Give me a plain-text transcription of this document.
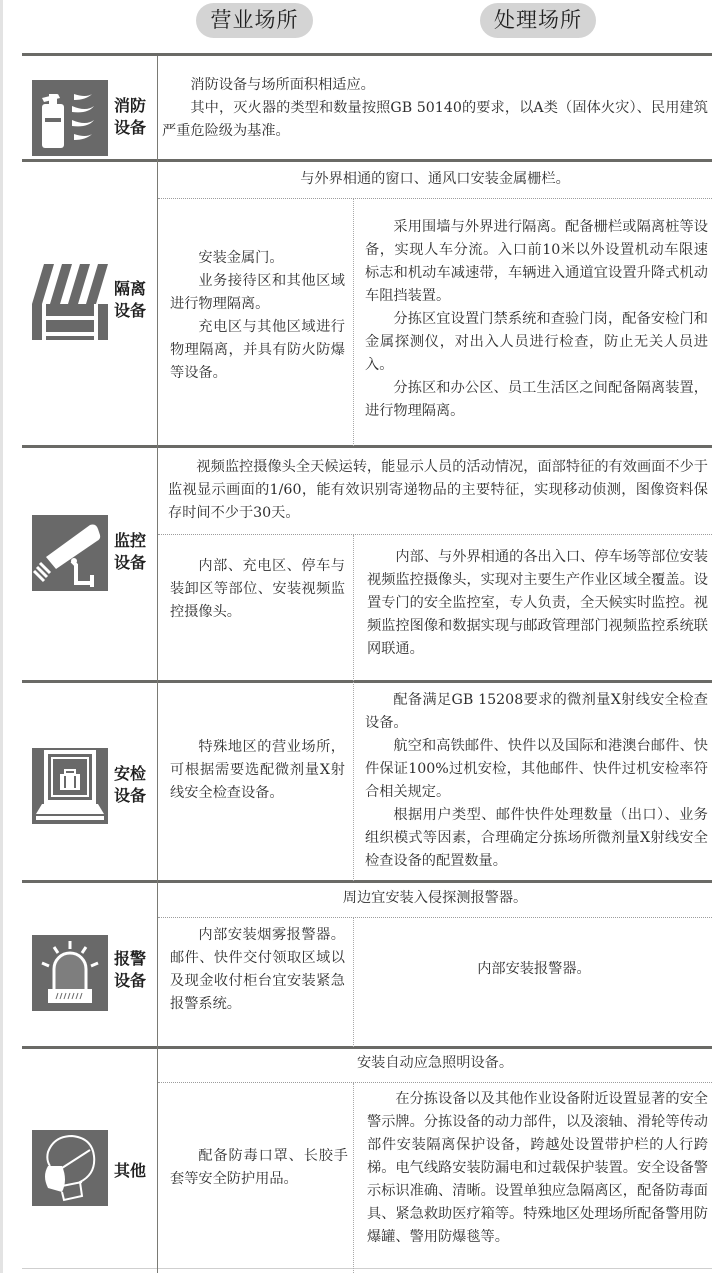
营业场所	处理场所
消防
设备

消防设备与场所面积相适应。

其中，灭火器的类型和数量按照GB 50140的要求，以A类（固体火灾）、民用建筑严重危险级为基准。

隔离
设备

与外界相通的窗口、通风口安装金属栅栏。

安装金属门。

业务接待区和其他区域进行物理隔离。

充电区与其他区域进行物理隔离，并具有防火防爆等设备。

采用围墙与外界进行隔离。配备栅栏或隔离桩等设备，实现人车分流。入口前10米以外设置机动车限速标志和机动车减速带，车辆进入通道宜设置升降式机动车阻挡装置。

分拣区宜设置门禁系统和查验门岗，配备安检门和金属探测仪，对出入人员进行检查，防止无关人员进入。

分拣区和办公区、员工生活区之间配备隔离装置，进行物理隔离。

监控
设备

视频监控摄像头全天候运转，能显示人员的活动情况，面部特征的有效画面不少于监视显示画面的1/60，能有效识别寄递物品的主要特征，实现移动侦测，图像资料保存时间不少于30天。

内部、充电区、停车与装卸区等部位、安装视频监控摄像头。

内部、与外界相通的各出入口、停车场等部位安装视频监控摄像头，实现对主要生产作业区域全覆盖。设置专门的安全监控室，专人负责，全天候实时监控。视频监控图像和数据实现与邮政管理部门视频监控系统联网联通。

安检
设备

特殊地区的营业场所，可根据需要选配微剂量X射线安全检查设备。

配备满足GB 15208要求的微剂量X射线安全检查设备。

航空和高铁邮件、快件以及国际和港澳台邮件、快件保证100%过机安检，其他邮件、快件过机安检率符合相关规定。

根据用户类型、邮件快件处理数量（出口）、业务组织模式等因素，合理确定分拣场所微剂量X射线安全检查设备的配置数量。

报警
设备

周边宜安装入侵探测报警器。

内部安装烟雾报警器。邮件、快件交付领取区域以及现金收付柜台宜安装紧急报警系统。

内部安装报警器。

其他

安装自动应急照明设备。

配备防毒口罩、长胶手套等安全防护用品。

在分拣设备以及其他作业设备附近设置显著的安全警示牌。分拣设备的动力部件，以及滚轴、滑轮等传动部件安装隔离保护设备，跨越处设置带护栏的人行跨梯。电气线路安装防漏电和过载保护装置。安全设备警示标识准确、清晰。设置单独应急隔离区，配备防毒面具、紧急救助医疗箱等。特殊地区处理场所配备警用防爆罐、警用防爆毯等。
